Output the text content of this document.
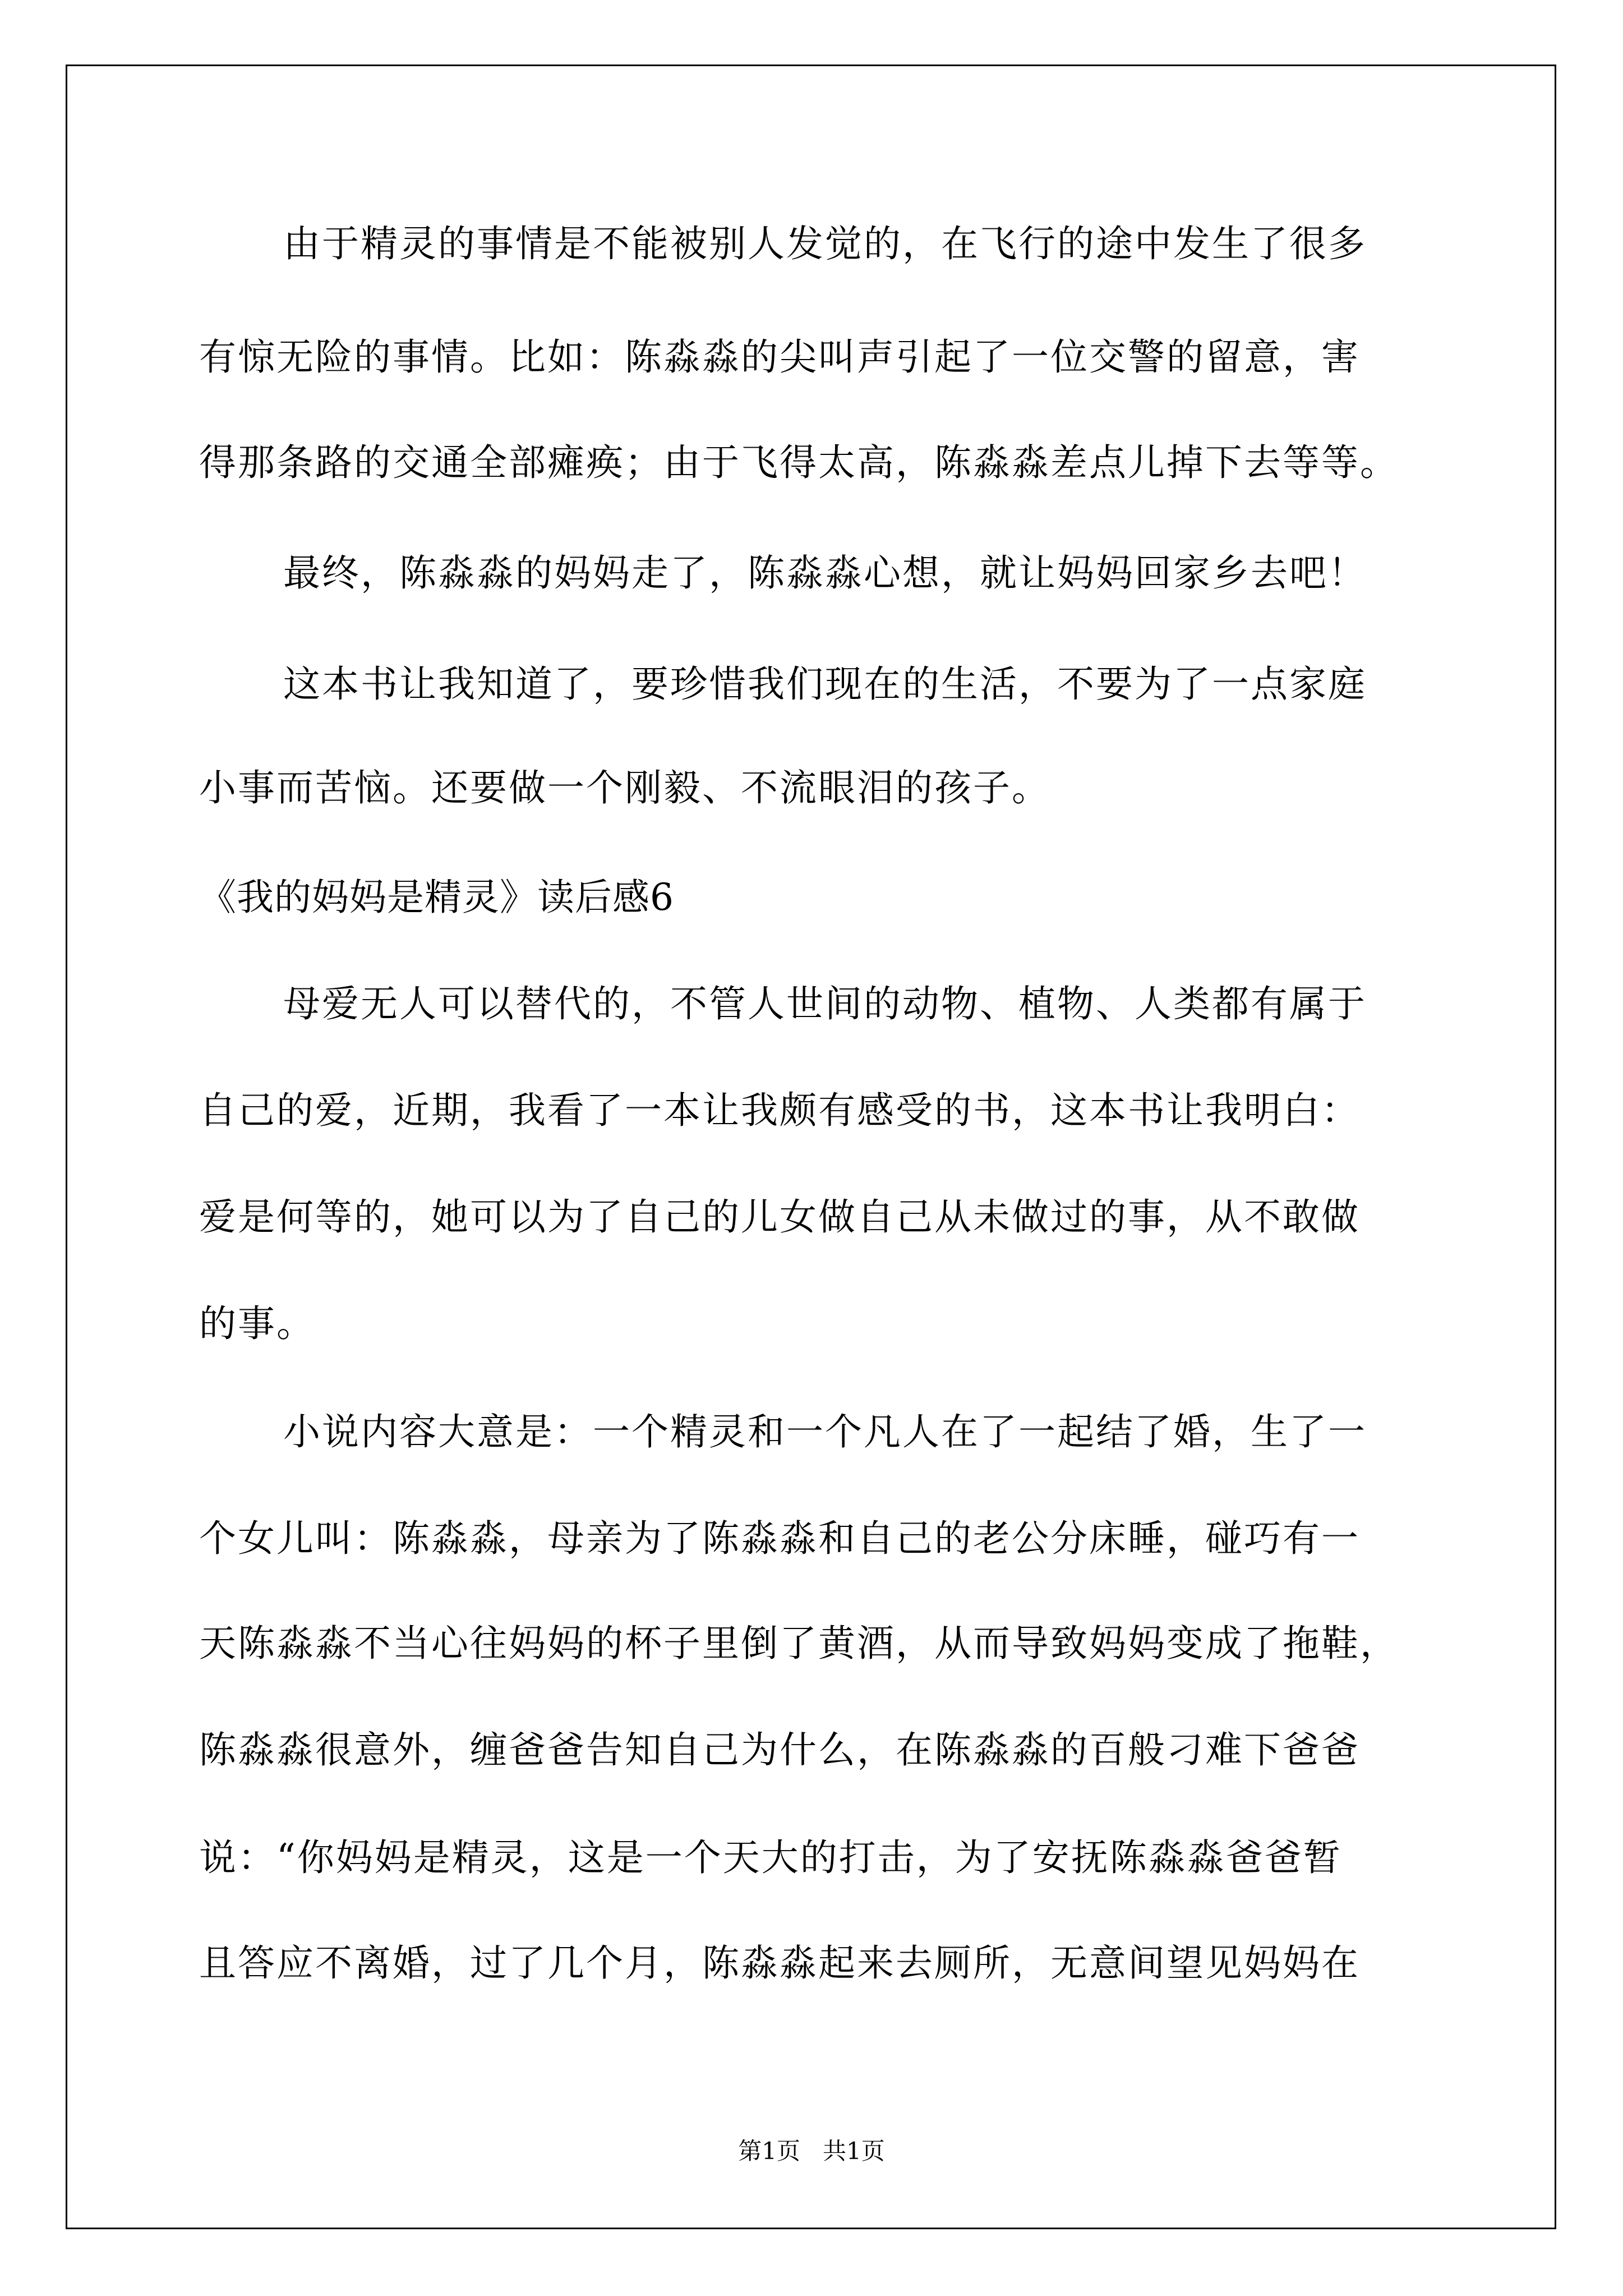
由于精灵的事情是不能被别人发觉的，在飞行的途中发生了很多
有惊无险的事情。比如：陈淼淼的尖叫声引起了一位交警的留意，害
得那条路的交通全部瘫痪；由于飞得太高，陈淼淼差点儿掉下去等等。
最终，陈淼淼的妈妈走了，陈淼淼心想，就让妈妈回家乡去吧！
这本书让我知道了，要珍惜我们现在的生活，不要为了一点家庭
小事而苦恼。还要做一个刚毅、不流眼泪的孩子。
《我的妈妈是精灵》读后感6
母爱无人可以替代的，不管人世间的动物、植物、人类都有属于
自己的爱，近期，我看了一本让我颇有感受的书，这本书让我明白：
爱是何等的，她可以为了自己的儿女做自己从未做过的事，从不敢做
的事。
小说内容大意是：一个精灵和一个凡人在了一起结了婚，生了一
个女儿叫：陈淼淼，母亲为了陈淼淼和自己的老公分床睡，碰巧有一
天陈淼淼不当心往妈妈的杯子里倒了黄酒，从而导致妈妈变成了拖鞋，
陈淼淼很意外，缠爸爸告知自己为什么，在陈淼淼的百般刁难下爸爸
说：“你妈妈是精灵，这是一个天大的打击，为了安抚陈淼淼爸爸暂
且答应不离婚，过了几个月，陈淼淼起来去厕所，无意间望见妈妈在
第1页   共1页
